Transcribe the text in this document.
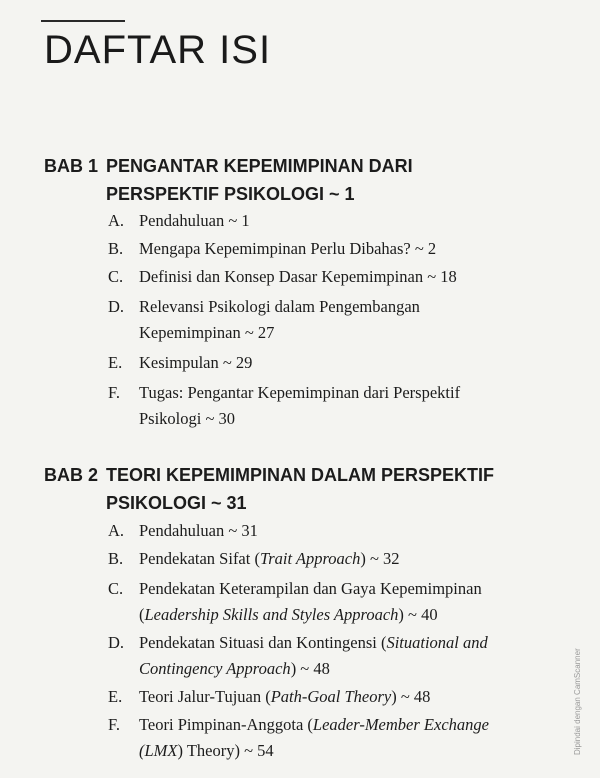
DAFTAR ISI
BAB 1 PENGANTAR KEPEMIMPINAN DARI
PERSPEKTIF PSIKOLOGI ~ 1
A. Pendahuluan ~ 1
B. Mengapa Kepemimpinan Perlu Dibahas? ~ 2
C. Definisi dan Konsep Dasar Kepemimpinan ~ 18
D. Relevansi Psikologi dalam Pengembangan
Kepemimpinan ~ 27
E.	Kesimpulan ~ 29
F.	Tugas: Pengantar Kepemimpinan dari Perspektif
Psikologi ~ 30
BAB 2 TEORI KEPEMIMPINAN DALAM PERSPEKTIF
PSIKOLOGI ~ 31
A. Pendahuluan ~ 31
B. Pendekatan Sifat (Trait Approach) ~ 32
C. Pendekatan Keterampilan dan Gaya Kepemimpinan
(Leadership Skills and Styles Approach) ~ 40
D. Pendekatan Situasi dan Kontingensi (Situational and
Contingency Approach) ~ 48
E.	Teori Jalur-Tujuan (Path-Goal Theory) ~ 48
F.	Teori Pimpinan-Anggota (Leader-Member Exchange
(LMX) Theory) ~ 54	Dipindai dengan CamScanner
